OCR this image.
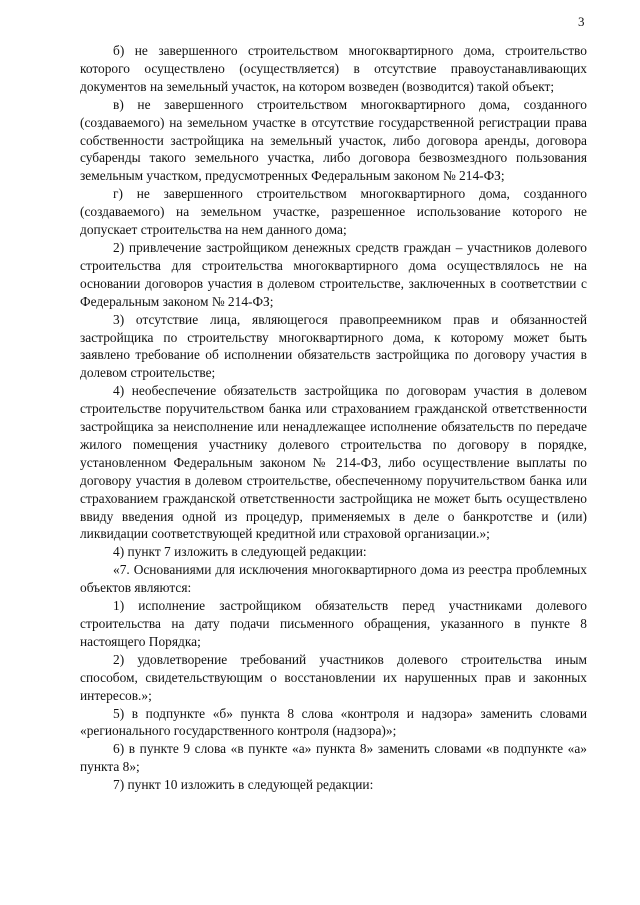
3

б) не завершенного строительством многоквартирного дома, строительство которого осуществлено (осуществляется) в отсутствие правоустанавливающих документов на земельный участок, на котором возведен (возводится) такой объект;

в) не завершенного строительством многоквартирного дома, созданного (создаваемого) на земельном участке в отсутствие государственной регистрации права собственности застройщика на земельный участок, либо договора аренды, договора субаренды такого земельного участка, либо договора безвозмездного пользования земельным участком, предусмотренных Федеральным законом № 214-ФЗ;

г) не завершенного строительством многоквартирного дома, созданного (создаваемого) на земельном участке, разрешенное использование которого не допускает строительства на нем данного дома;

2) привлечение застройщиком денежных средств граждан – участников долевого строительства для строительства многоквартирного дома осуществлялось не на основании договоров участия в долевом строительстве, заключенных в соответствии с Федеральным законом № 214-ФЗ;

3) отсутствие лица, являющегося правопреемником прав и обязанностей застройщика по строительству многоквартирного дома, к которому может быть заявлено требование об исполнении обязательств застройщика по договору участия в долевом строительстве;

4) необеспечение обязательств застройщика по договорам участия в долевом строительстве поручительством банка или страхованием гражданской ответственности застройщика за неисполнение или ненадлежащее исполнение обязательств по передаче жилого помещения участнику долевого строительства по договору в порядке, установленном Федеральным законом № 214-ФЗ, либо осуществление выплаты по договору участия в долевом строительстве, обеспеченному поручительством банка или страхованием гражданской ответственности застройщика не может быть осуществлено ввиду введения одной из процедур, применяемых в деле о банкротстве и (или) ликвидации соответствующей кредитной или страховой организации.»;

4) пункт 7 изложить в следующей редакции:

«7. Основаниями для исключения многоквартирного дома из реестра проблемных объектов являются:

1) исполнение застройщиком обязательств перед участниками долевого строительства на дату подачи письменного обращения, указанного в пункте 8 настоящего Порядка;

2) удовлетворение требований участников долевого строительства иным способом, свидетельствующим о восстановлении их нарушенных прав и законных интересов.»;

5) в подпункте «б» пункта 8 слова «контроля и надзора» заменить словами «регионального государственного контроля (надзора)»;

6) в пункте 9 слова «в пункте «а» пункта 8» заменить словами «в подпункте «а» пункта 8»;

7) пункт 10 изложить в следующей редакции:
